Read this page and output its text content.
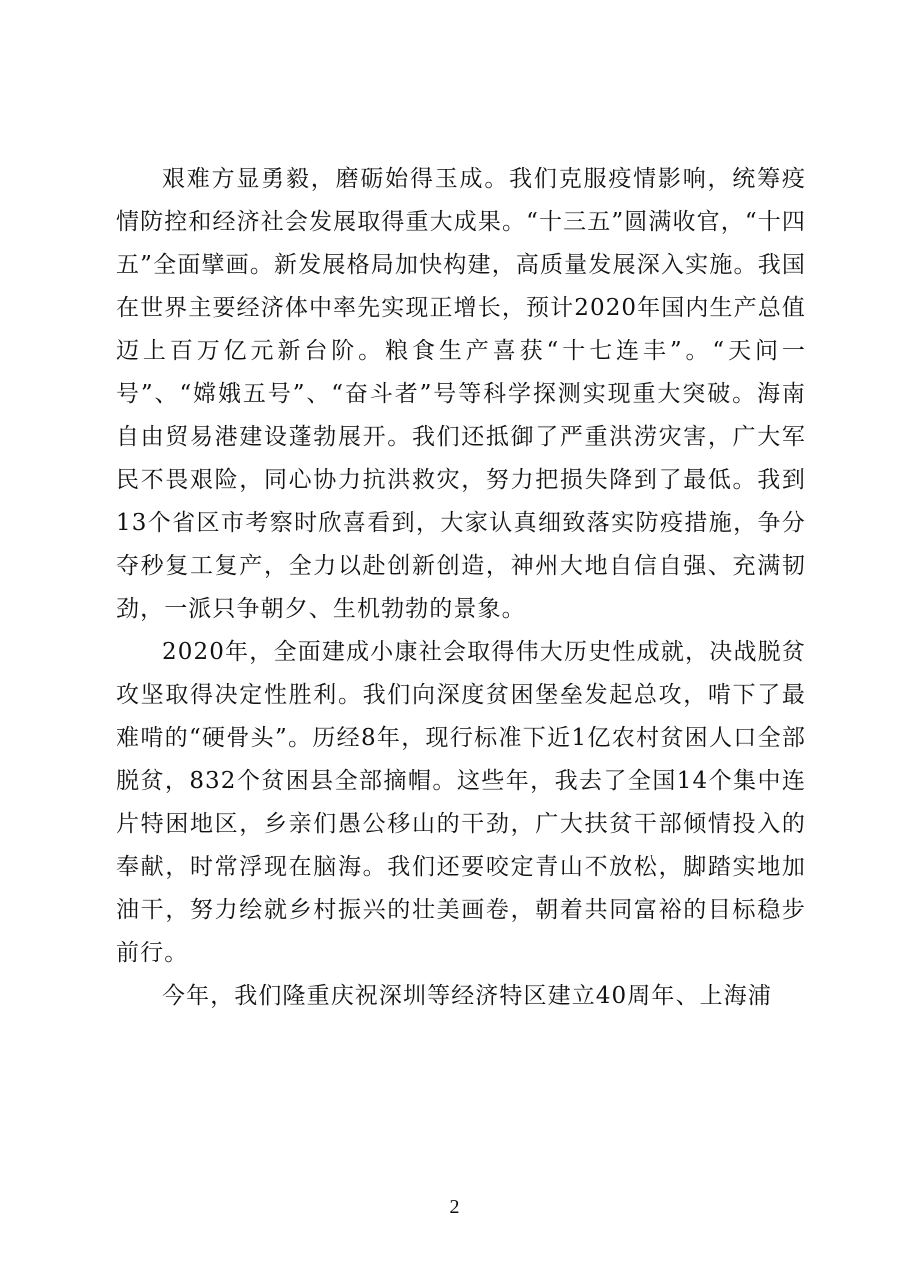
艰难方显勇毅，磨砺始得玉成。我们克服疫情影响，统筹疫情防控和经济社会发展取得重大成果。“十三五”圆满收官，“十四五”全面擘画。新发展格局加快构建，高质量发展深入实施。我国在世界主要经济体中率先实现正增长，预计2020年国内生产总值迈上百万亿元新台阶。粮食生产喜获“十七连丰”。“天问一号”、“嫦娥五号”、“奋斗者”号等科学探测实现重大突破。海南自由贸易港建设蓬勃展开。我们还抵御了严重洪涝灾害，广大军民不畏艰险，同心协力抗洪救灾，努力把损失降到了最低。我到13个省区市考察时欣喜看到，大家认真细致落实防疫措施，争分夺秒复工复产，全力以赴创新创造，神州大地自信自强、充满韧劲，一派只争朝夕、生机勃勃的景象。

2020年，全面建成小康社会取得伟大历史性成就，决战脱贫攻坚取得决定性胜利。我们向深度贫困堡垒发起总攻，啃下了最难啃的“硬骨头”。历经8年，现行标准下近1亿农村贫困人口全部脱贫，832个贫困县全部摘帽。这些年，我去了全国14个集中连片特困地区，乡亲们愚公移山的干劲，广大扶贫干部倾情投入的奉献，时常浮现在脑海。我们还要咬定青山不放松，脚踏实地加油干，努力绘就乡村振兴的壮美画卷，朝着共同富裕的目标稳步前行。

今年，我们隆重庆祝深圳等经济特区建立40周年、上海浦

2
